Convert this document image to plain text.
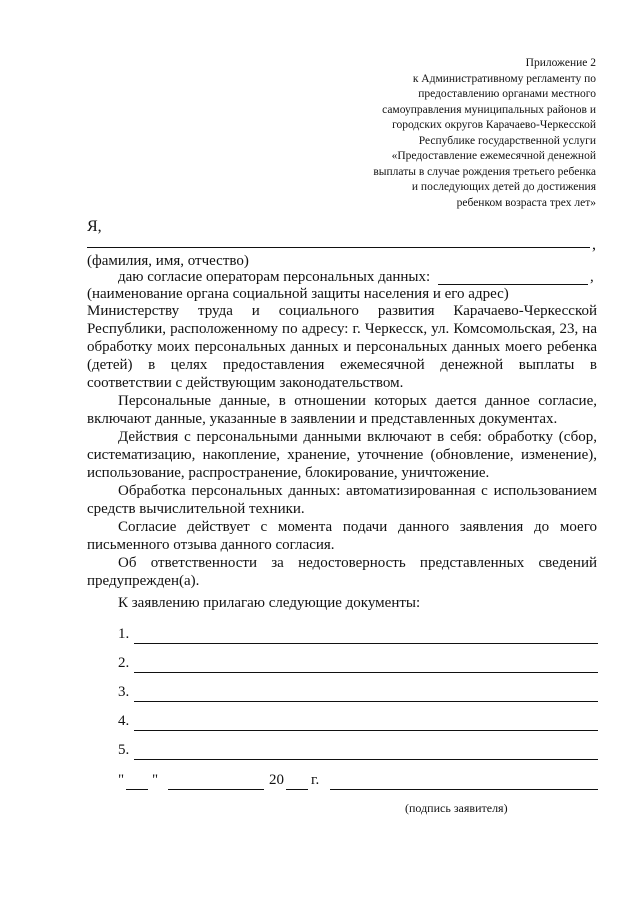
Приложение 2
к Административному регламенту по
предоставлению органами местного
самоуправления муниципальных районов и
городских округов Карачаево-Черкесской
Республике государственной услуги
«Предоставление ежемесячной денежной
выплаты в случае рождения третьего ребенка
и последующих детей до достижения
ребенком возраста трех лет»
Я,
,
(фамилия, имя, отчество)
даю согласие операторам персональных данных:	,
(наименование органа социальной защиты населения и его адрес)

Министерству труда и социального развития Карачаево-Черкесской Республики, расположенному по адресу: г. Черкесск, ул. Комсомольская, 23, на обработку моих персональных данных и персональных данных моего ребенка (детей) в целях предоставления ежемесячной денежной выплаты в соответствии с действующим законодательством.

Персональные данные, в отношении которых дается данное согласие, включают данные, указанные в заявлении и представленных документах.

Действия с персональными данными включают в себя: обработку (сбор, систематизацию, накопление, хранение, уточнение (обновление, изменение), использование, распространение, блокирование, уничтожение.

Обработка персональных данных: автоматизированная с использованием средств вычислительной техники.

Согласие действует с момента подачи данного заявления до моего письменного отзыва данного согласия.

Об ответственности за недостоверность представленных сведений предупрежден(а).

К заявлению прилагаю следующие документы:
1.
2.
3.
4.
5.
" "	20 г.
(подпись заявителя)
